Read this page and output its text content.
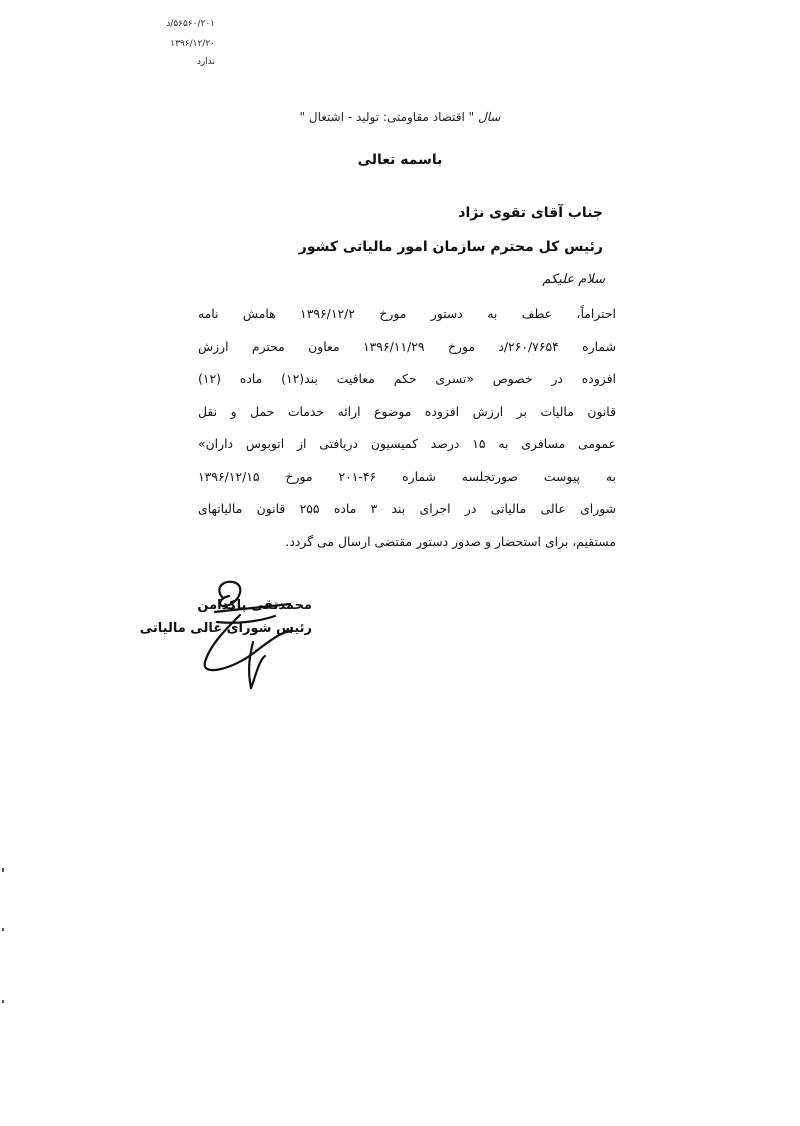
۵۶۵۶۰/۲۰۱/د
۱۳۹۶/۱۲/۲۰
ندارد
سال " اقتصاد مقاومتی: تولید - اشتغال "
باسمه تعالی
جناب آقای تقوی نژاد
رئیس کل محترم سازمان امور مالیاتی کشور
سلام علیکم
احتراماً، عطف به دستور مورخ ۱۳۹۶/۱۲/۲ هامش نامه
شماره ۲۶۰/۷۶۵۴/د مورخ ۱۳۹۶/۱۱/۲۹ معاون محترم ارزش
افزوده در خصوص «تسری حکم معافیت بند(۱۲) ماده (۱۲)
قانون مالیات بر ارزش افزوده موضوع ارائه خدمات حمل و نقل
عمومی مسافری به ۱۵ درصد کمیسیون دریافتی از اتوبوس داران»
به پیوست صورتجلسه شماره ۴۶-۲۰۱ مورخ ۱۳۹۶/۱۲/۱۵
شورای عالی مالیاتی در اجرای بند ۳ ماده ۲۵۵ قانون مالیاتهای
مستقیم، برای استحضار و صدور دستور مقتضی ارسال می گردد.
محمدتقی پاکدامن
رئیس شورای عالی مالیاتی
